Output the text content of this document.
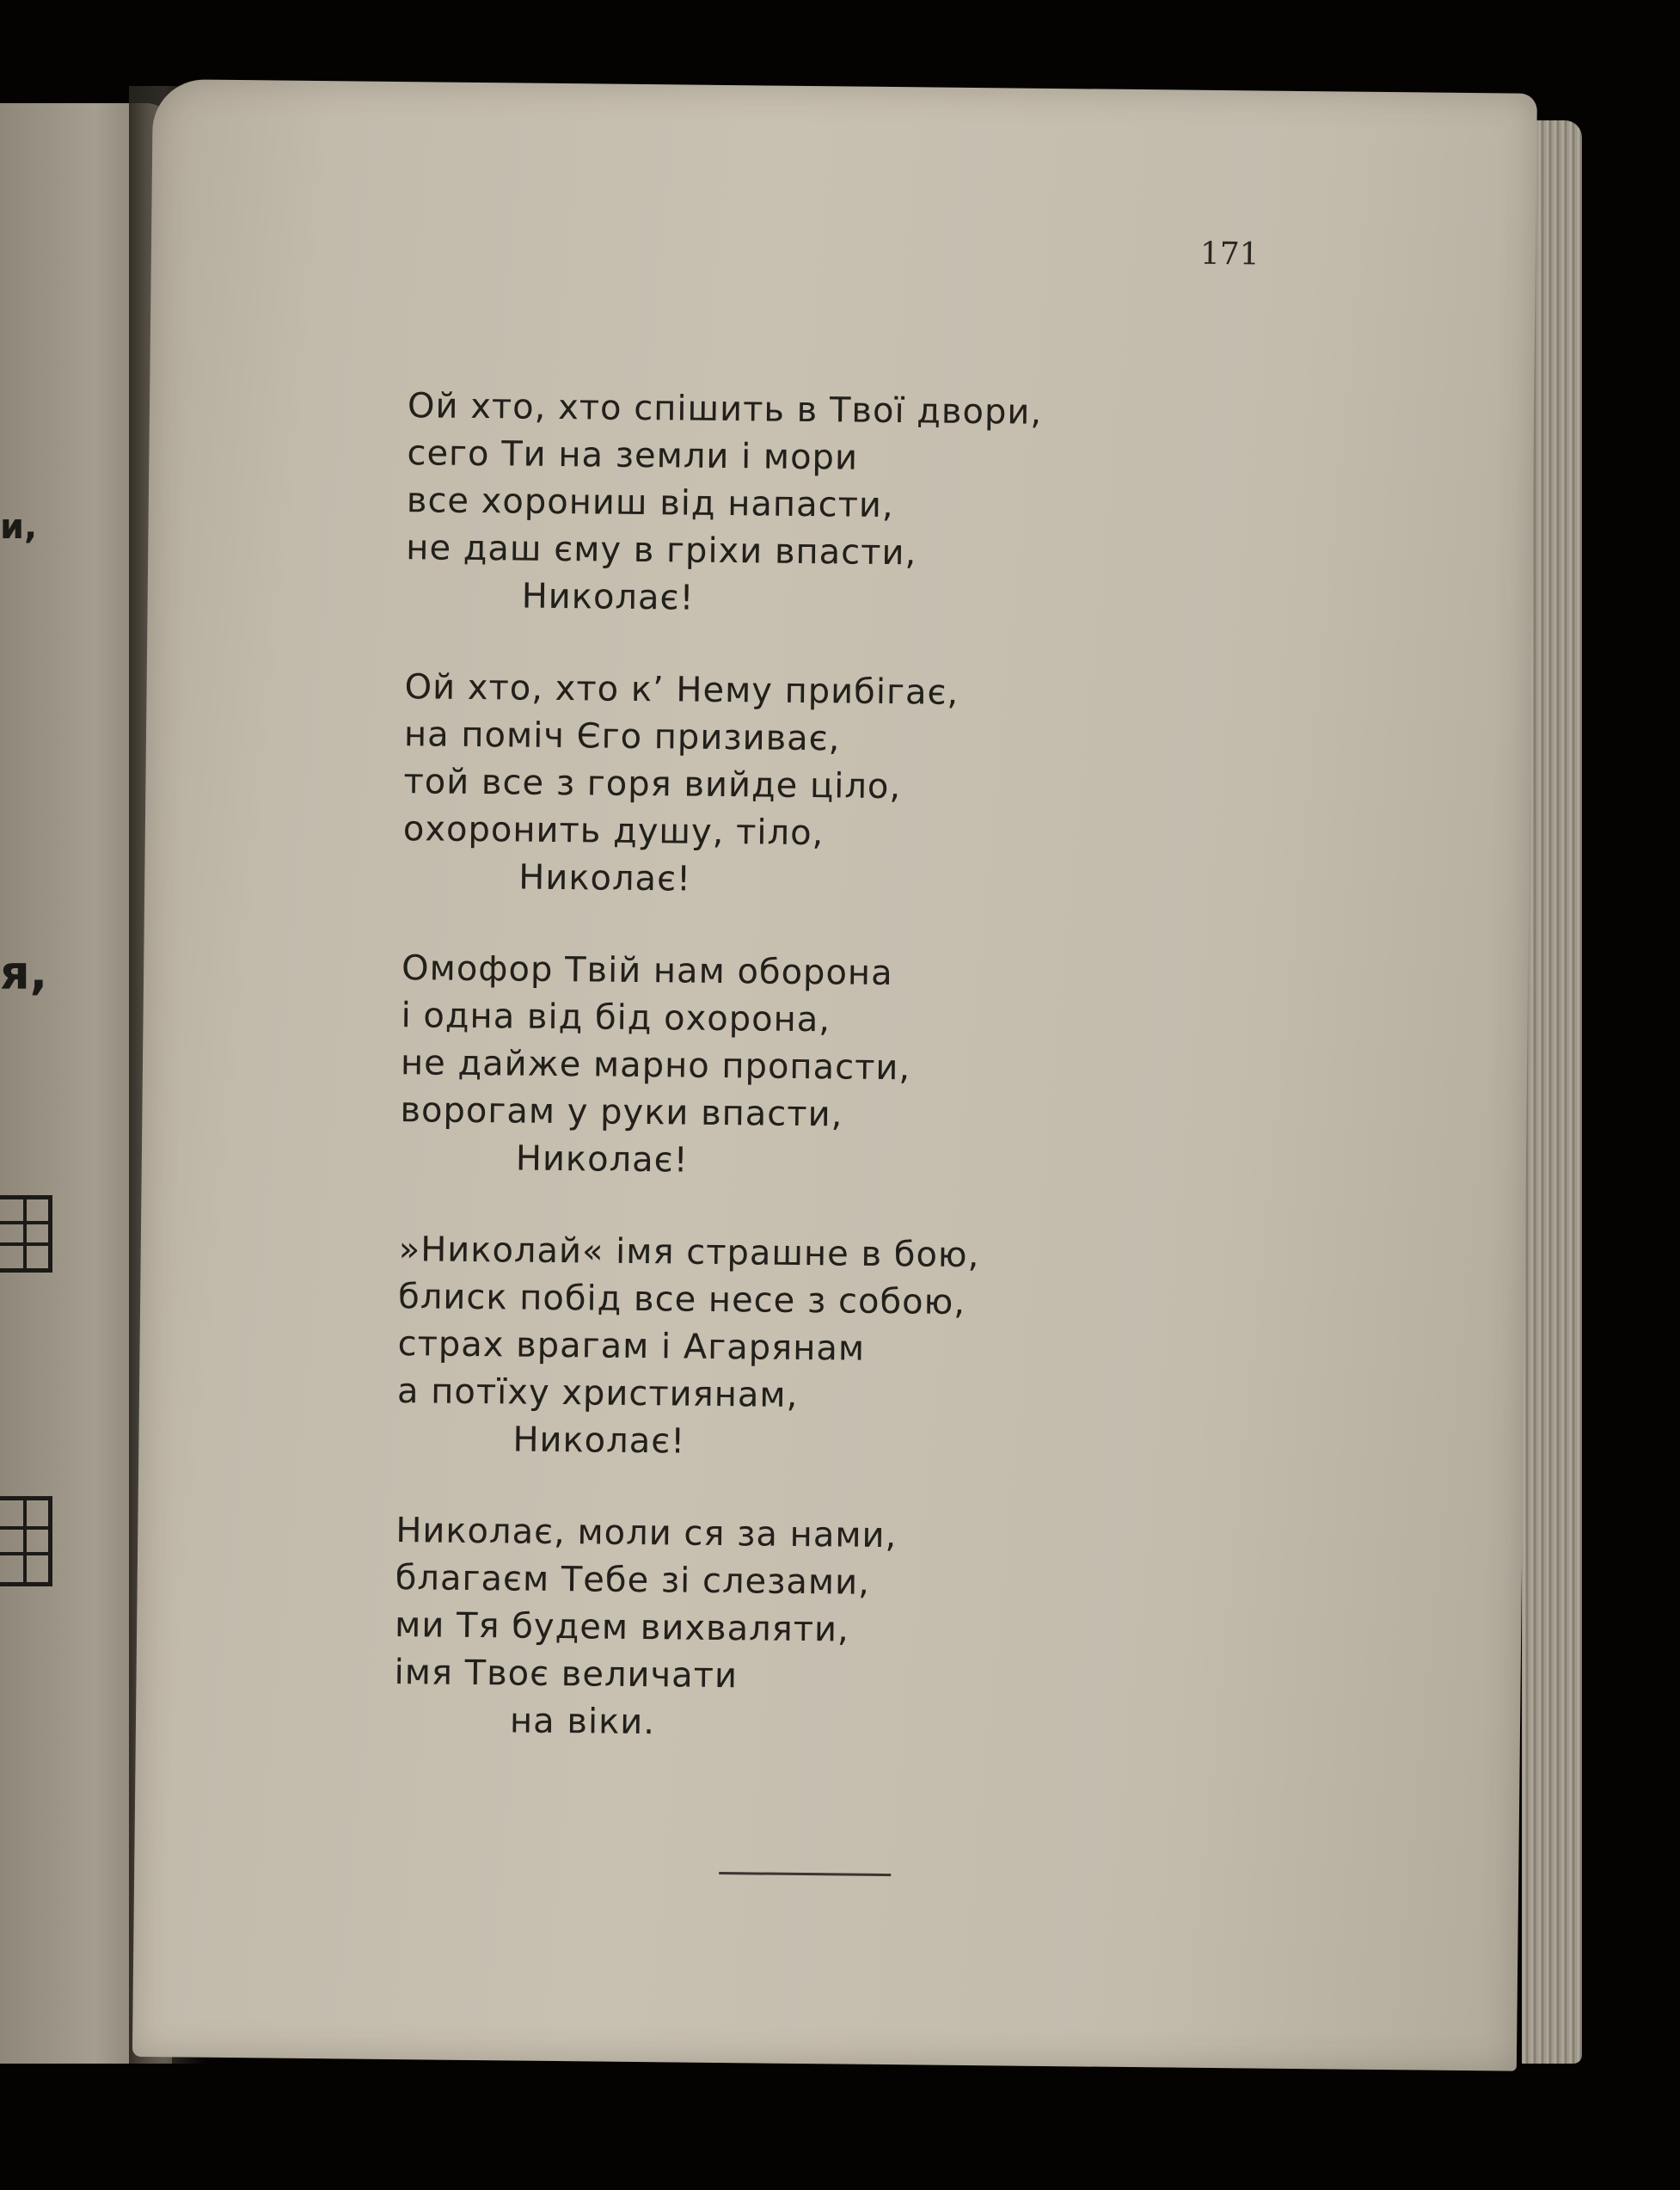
и,
я,
171
Ой хто, хто спішить в Твої двори,
сего Ти на земли і мори
все хорониш від напасти,
не даш єму в гріхи впасти,
Николає!
Ой хто, хто к’ Нему прибігає,
на поміч Єго призиває,
той все з горя вийде ціло,
охоронить душу, тіло,
Николає!
Омофор Твій нам оборона
і одна від бід охорона,
не дайже марно пропасти,
ворогам у руки впасти,
Николає!
»Николай« імя страшне в бою,
блиск побід все несе з собою,
страх врагам і Агарянам
а потїху християнам,
Николає!
Николає, моли ся за нами,
благаєм Тебе зі слезами,
ми Тя будем вихваляти,
імя Твоє величати
на віки.
